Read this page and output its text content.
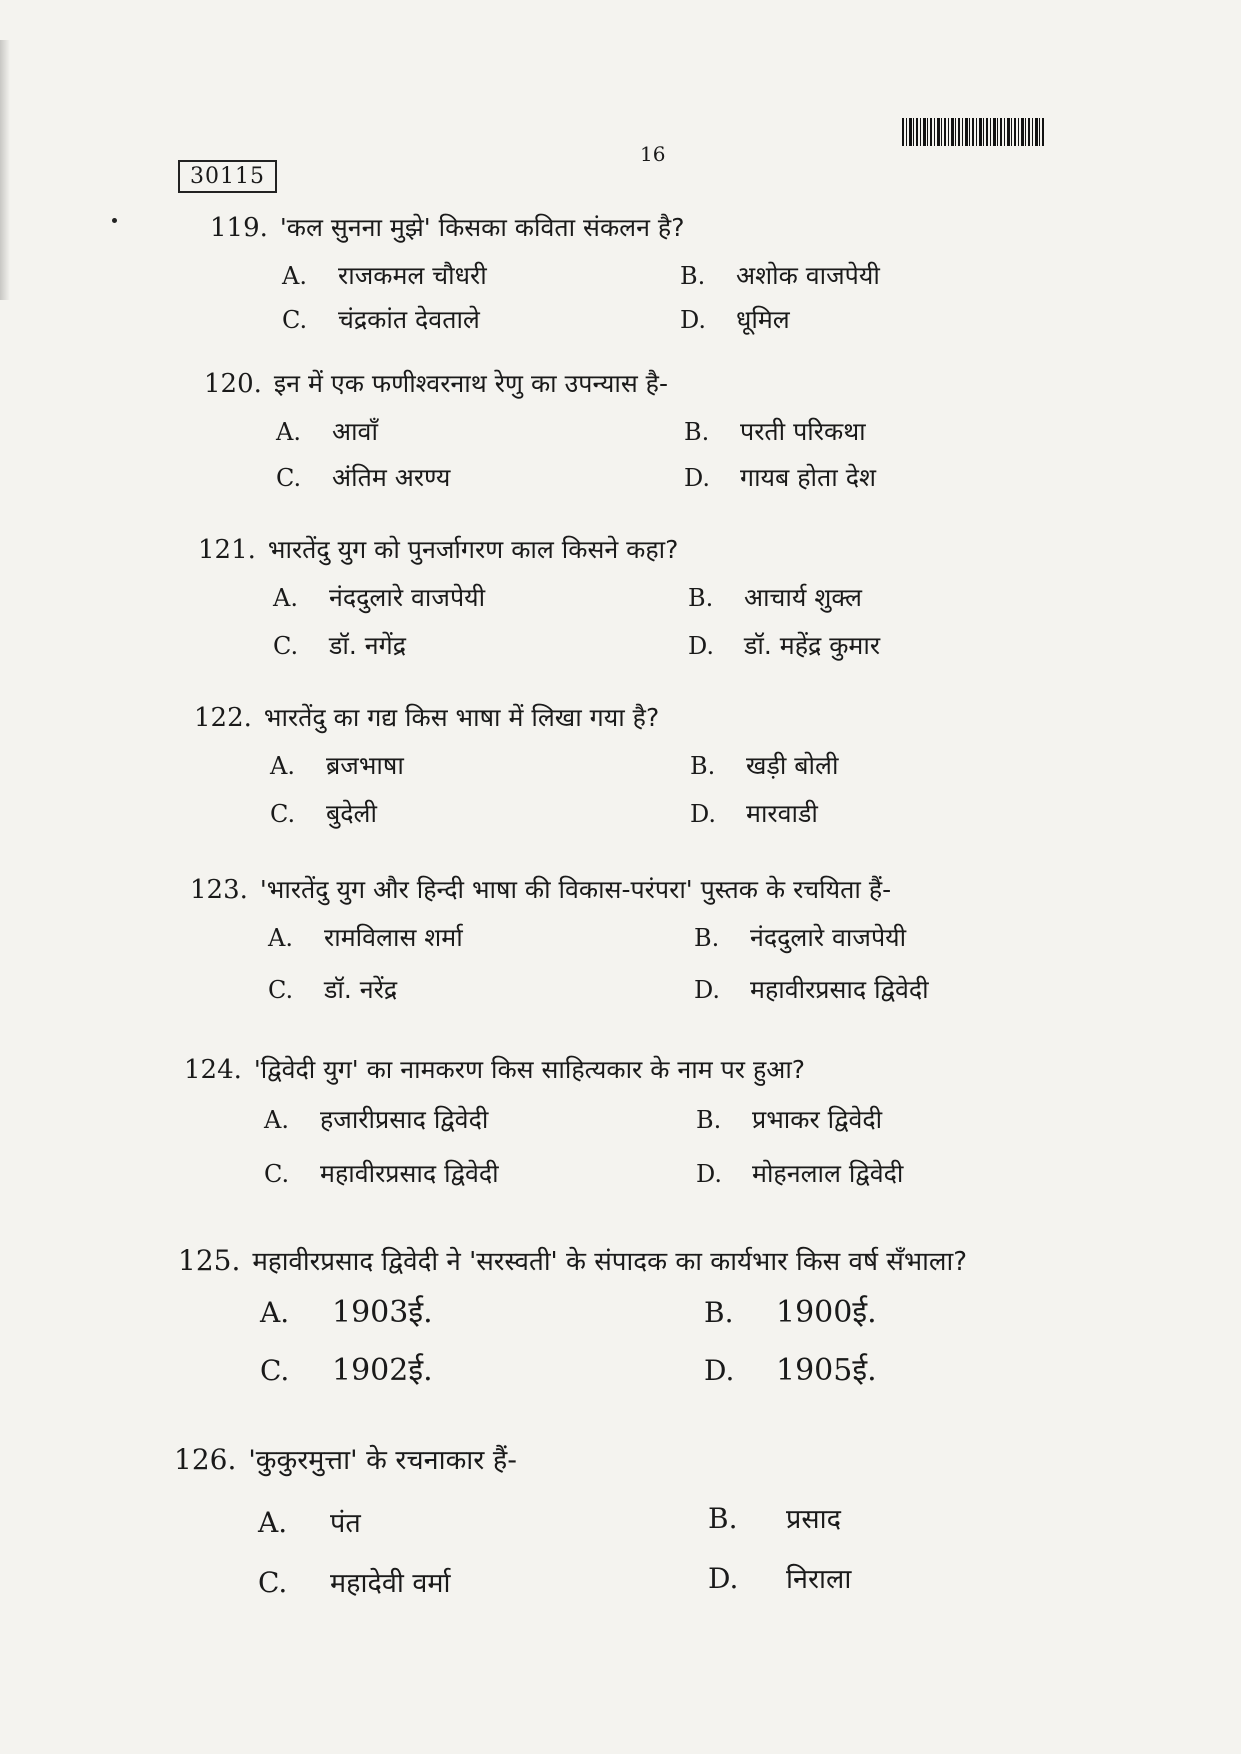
30115
16
119. 'कल सुनना मुझे' किसका कविता संकलन है?
A.	राजकमल चौधरी	B.	अशोक वाजपेयी
C.	चंद्रकांत देवताले	D.	धूमिल
120. इन में एक फणीश्वरनाथ रेणु का उपन्यास है-
A.	आवाँ	B.	परती परिकथा
C.	अंतिम अरण्य	D.	गायब होता देश
121. भारतेंदु युग को पुनर्जागरण काल किसने कहा?
A.	नंददुलारे वाजपेयी	B.	आचार्य शुक्ल
C.	डॉ. नगेंद्र	D.	डॉ. महेंद्र कुमार
122. भारतेंदु का गद्य किस भाषा में लिखा गया है?
A.	ब्रजभाषा	B.	खड़ी बोली
C.	बुदेली	D.	मारवाडी
123. 'भारतेंदु युग और हिन्दी भाषा की विकास-परंपरा' पुस्तक के रचयिता हैं-
A.	रामविलास शर्मा	B.	नंददुलारे वाजपेयी
C.	डॉ. नरेंद्र	D.	महावीरप्रसाद द्विवेदी
124. 'द्विवेदी युग' का नामकरण किस साहित्यकार के नाम पर हुआ?
A.	हजारीप्रसाद द्विवेदी	B.	प्रभाकर द्विवेदी
C.	महावीरप्रसाद द्विवेदी	D.	मोहनलाल द्विवेदी
125. महावीरप्रसाद द्विवेदी ने 'सरस्वती' के संपादक का कार्यभार किस वर्ष सँभाला?
A.	1903ई.	B.	1900ई.
C.	1902ई.	D.	1905ई.
126. 'कुकुरमुत्ता' के रचनाकार हैं-
A.	पंत	B.	प्रसाद
C.	महादेवी वर्मा	D.	निराला
